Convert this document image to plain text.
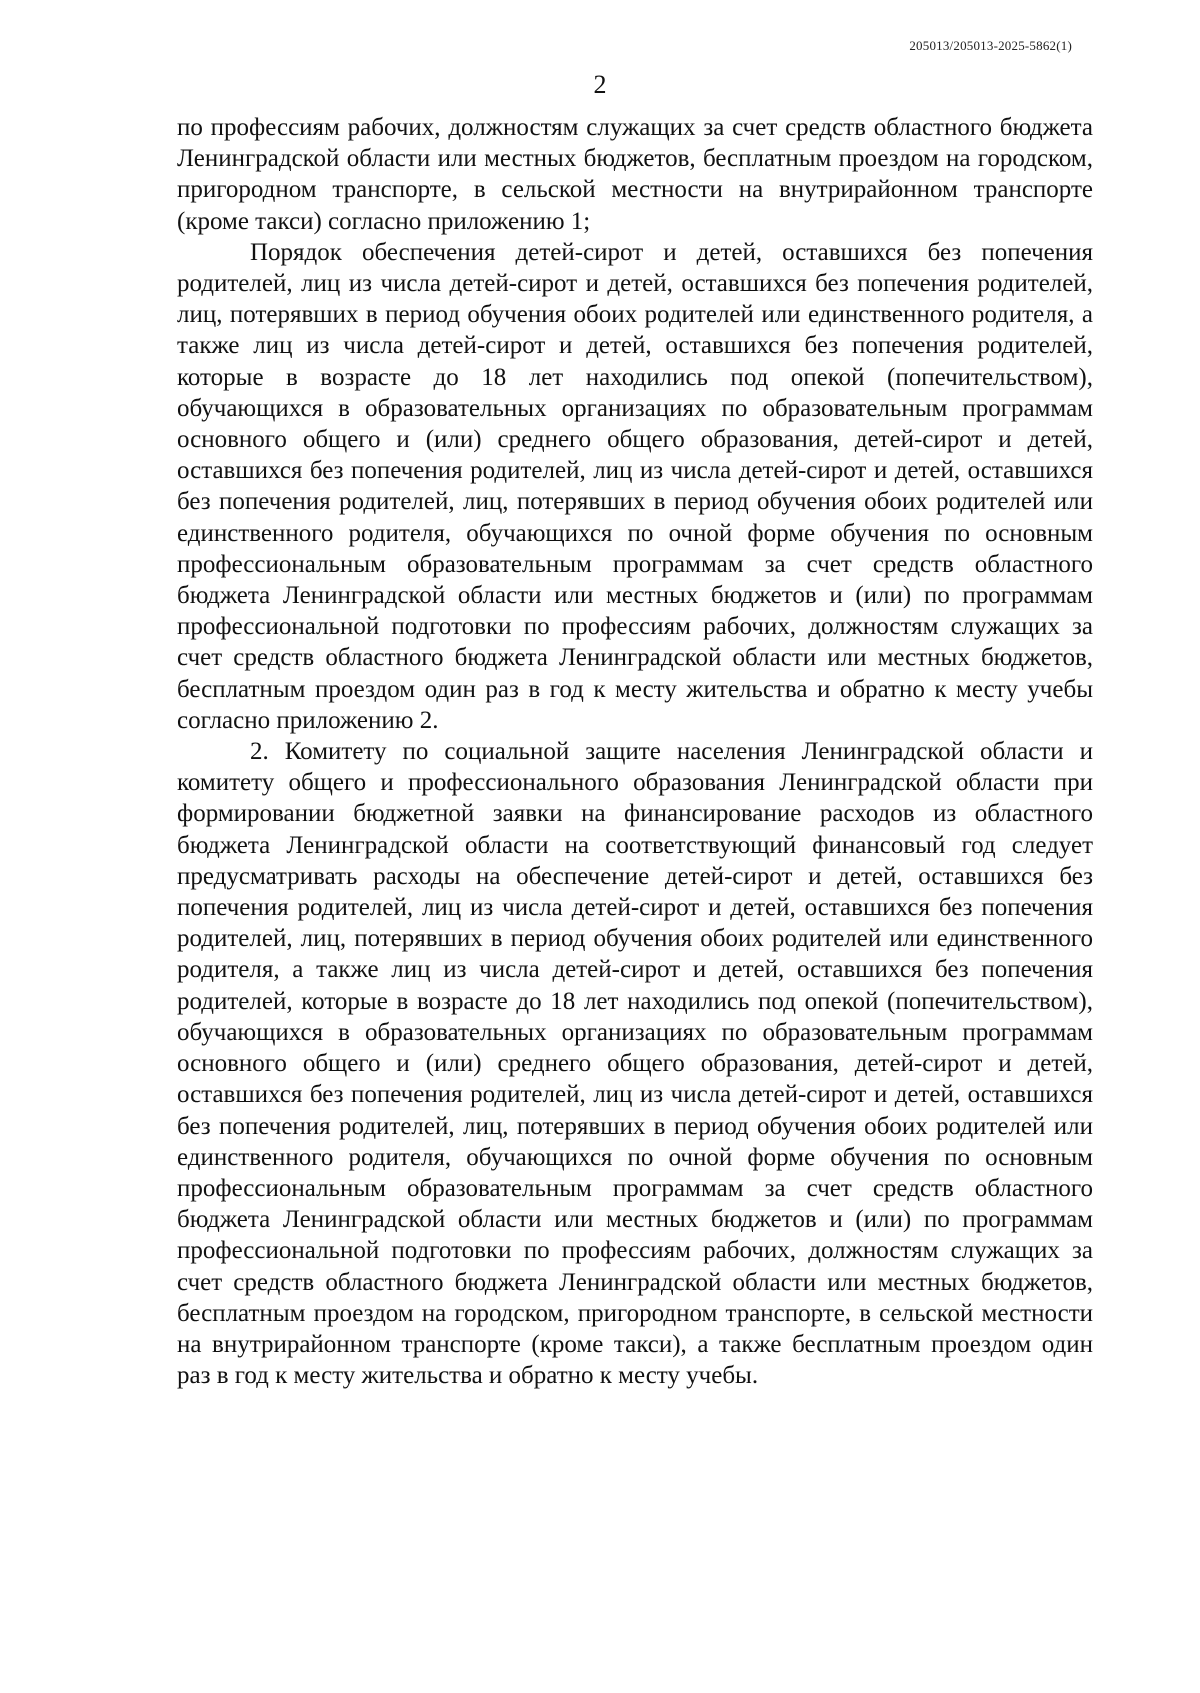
205013/205013-2025-5862(1)
2

по профессиям рабочих, должностям служащих за счет средств областного бюджета Ленинградской области или местных бюджетов, бесплатным проездом на городском, пригородном транспорте, в сельской местности на внутрирайонном транспорте (кроме такси) согласно приложению 1;

Порядок обеспечения детей-сирот и детей, оставшихся без попечения родителей, лиц из числа детей-сирот и детей, оставшихся без попечения родителей, лиц, потерявших в период обучения обоих родителей или единственного родителя, а также лиц из числа детей-сирот и детей, оставшихся без попечения родителей, которые в возрасте до 18 лет находились под опекой (попечительством), обучающихся в образовательных организациях по образовательным программам основного общего и (или) среднего общего образования, детей-сирот и детей, оставшихся без попечения родителей, лиц из числа детей-сирот и детей, оставшихся без попечения родителей, лиц, потерявших в период обучения обоих родителей или единственного родителя, обучающихся по очной форме обучения по основным профессиональным образовательным программам за счет средств областного бюджета Ленинградской области или местных бюджетов и (или) по программам профессиональной подготовки по профессиям рабочих, должностям служащих за счет средств областного бюджета Ленинградской области или местных бюджетов, бесплатным проездом один раз в год к месту жительства и обратно к месту учебы согласно приложению 2.

2. Комитету по социальной защите населения Ленинградской области и комитету общего и профессионального образования Ленинградской области при формировании бюджетной заявки на финансирование расходов из областного бюджета Ленинградской области на соответствующий финансовый год следует предусматривать расходы на обеспечение детей-сирот и детей, оставшихся без попечения родителей, лиц из числа детей-сирот и детей, оставшихся без попечения родителей, лиц, потерявших в период обучения обоих родителей или единственного родителя, а также лиц из числа детей-сирот и детей, оставшихся без попечения родителей, которые в возрасте до 18 лет находились под опекой (попечительством), обучающихся в образовательных организациях по образовательным программам основного общего и (или) среднего общего образования, детей-сирот и детей, оставшихся без попечения родителей, лиц из числа детей-сирот и детей, оставшихся без попечения родителей, лиц, потерявших в период обучения обоих родителей или единственного родителя, обучающихся по очной форме обучения по основным профессиональным образовательным программам за счет средств областного бюджета Ленинградской области или местных бюджетов и (или) по программам профессиональной подготовки по профессиям рабочих, должностям служащих за счет средств областного бюджета Ленинградской области или местных бюджетов, бесплатным проездом на городском, пригородном транспорте, в сельской местности на внутрирайонном транспорте (кроме такси), а также бесплатным проездом один раз в год к месту жительства и обратно к месту учебы.
